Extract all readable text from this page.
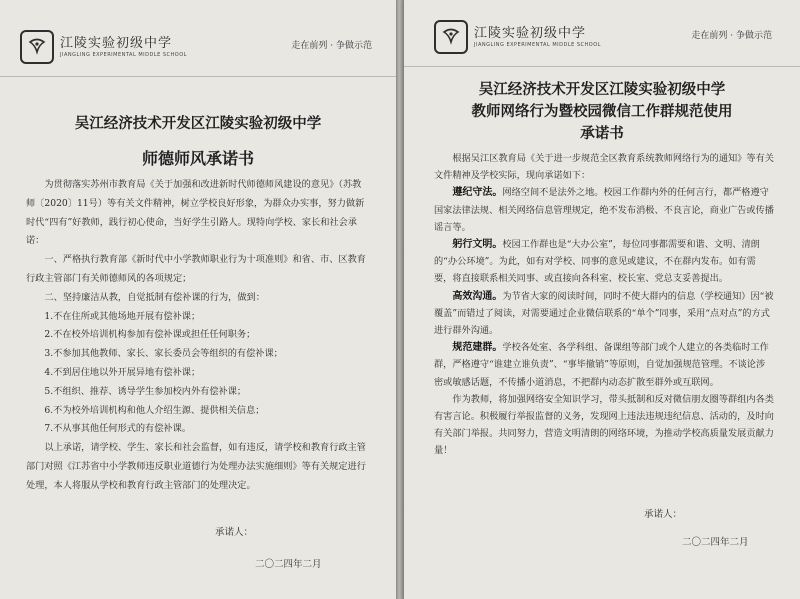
江陵实验初级中学
JIANGLING EXPERIMENTAL MIDDLE SCHOOL
走在前列 · 争做示范
吴江经济技术开发区江陵实验初级中学
师德师风承诺书

为贯彻落实苏州市教育局《关于加强和改进新时代师德师风建设的意见》（苏教师〔2020〕11号）等有关文件精神，树立学校良好形象，为群众办实事，努力做新时代“四有”好教师，践行初心使命，当好学生引路人。现特向学校、家长和社会承诺：

一、严格执行教育部《新时代中小学教师职业行为十项准则》和省、市、区教育行政主管部门有关师德师风的各项规定；

二、坚持廉洁从教，自觉抵制有偿补课的行为，做到：

1.不在住所或其他场地开展有偿补课；

2.不在校外培训机构参加有偿补课或担任任何职务；

3.不参加其他教师、家长、家长委员会等组织的有偿补课；

4.不到居住地以外开展异地有偿补课；

5.不组织、推荐、诱导学生参加校内外有偿补课；

6.不为校外培训机构和他人介绍生源、提供相关信息；

7.不从事其他任何形式的有偿补课。

以上承诺，请学校、学生、家长和社会监督，如有违反，请学校和教育行政主管部门对照《江苏省中小学教师违反职业道德行为处理办法实施细则》等有关规定进行处理，本人将服从学校和教育行政主管部门的处理决定。

承诺人：
二〇二四年二月
江陵实验初级中学
JIANGLING EXPERIMENTAL MIDDLE SCHOOL
走在前列 · 争做示范
吴江经济技术开发区江陵实验初级中学
教师网络行为暨校园微信工作群规范使用
承诺书

根据吴江区教育局《关于进一步规范全区教育系统教师网络行为的通知》等有关文件精神及学校实际，现向承诺如下：

遵纪守法。网络空间不是法外之地。校园工作群内外的任何言行，都严格遵守国家法律法规、相关网络信息管理规定，绝不发布消极、不良言论，商业广告或传播谣言等。

躬行文明。校园工作群也是“大办公室”，每位同事都需要和谐、文明、清朗的“办公环境”。为此，如有对学校、同事的意见或建议，不在群内发布。如有需要，将直接联系相关同事、或直接向各科室、校长室、党总支妥善提出。

高效沟通。为节省大家的阅读时间，同时不使大群内的信息（学校通知）因“被覆盖”而错过了阅读，对需要通过企业微信联系的“单个”同事，采用“点对点”的方式进行群外沟通。

规范建群。学校各处室、各学科组、备课组等部门或个人建立的各类临时工作群，严格遵守“谁建立谁负责”、“事毕撤销”等原则，自觉加强规范管理。不谈论涉密或敏感话题，不传播小道消息，不把群内动态扩散至群外或互联网。

作为教师，将加强网络安全知识学习，带头抵制和反对微信朋友圈等群组内各类有害言论。积极履行举报监督的义务，发现网上违法违规违纪信息、活动的，及时向有关部门举报。共同努力，营造文明清朗的网络环境，为推动学校高质量发展贡献力量！

承诺人：
二〇二四年二月
